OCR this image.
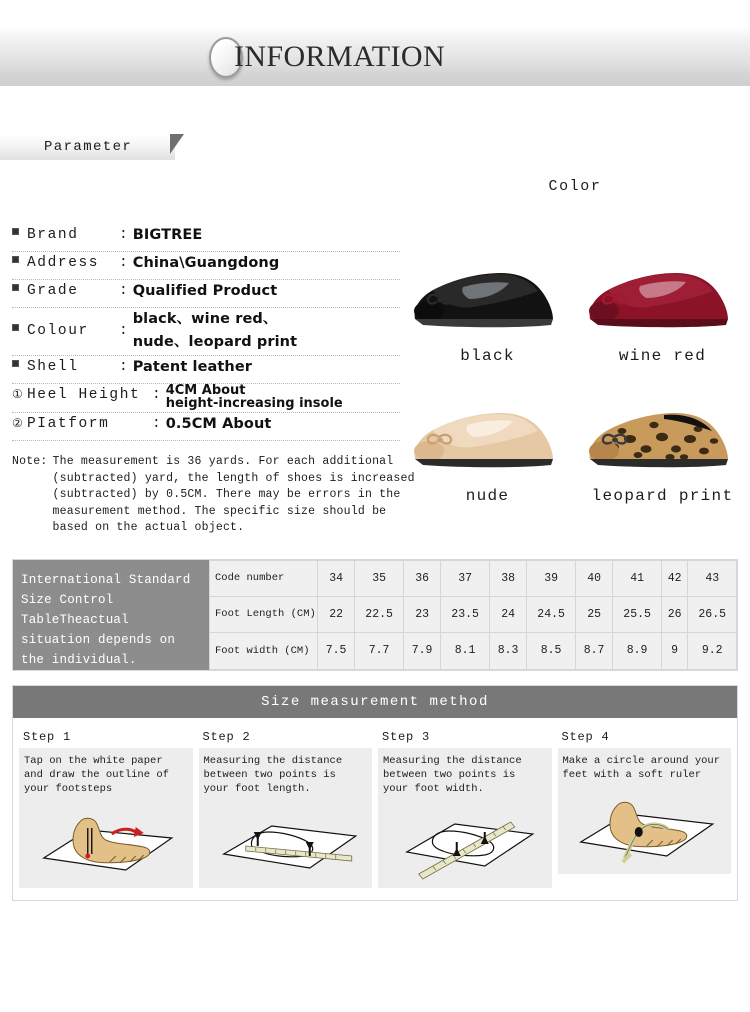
INFORMATION
Parameter
Brand	: BIGTREE
Address	: China\Guangdong
Grade	: Qualified Product
Colour	:
black、wine red、
nude、leopard print
Shell	: Patent leather
① Heel Height : 4CM About
height-increasing insole
② PIatform	: 0.5CM About
Note: The measurement is 36 yards. For each additional
(subtracted) yard, the length of shoes is increased
(subtracted) by 0.5CM. There may be errors in the
measurement method. The specific size should be
based on the actual object.
Color
black	wine red
nude	leopard print
International Standard Size Control TableTheactual situation depends on the individual.
Code number	34	35	36	37	38	39	40	41	42	43
Foot Length (CM)	22	22.5	23	23.5	24	24.5	25	25.5	26	26.5
Foot width (CM)	7.5	7.7	7.9	8.1	8.3	8.5	8.7	8.9	9	9.2
Size measurement method
Step 1
Tap on the white paper and draw the outline of your footsteps
Step 2
Measuring the distance between two points is your foot length.
Step 3
Measuring the distance between two points is your foot width.
Step 4
Make a circle around your feet with a soft ruler
